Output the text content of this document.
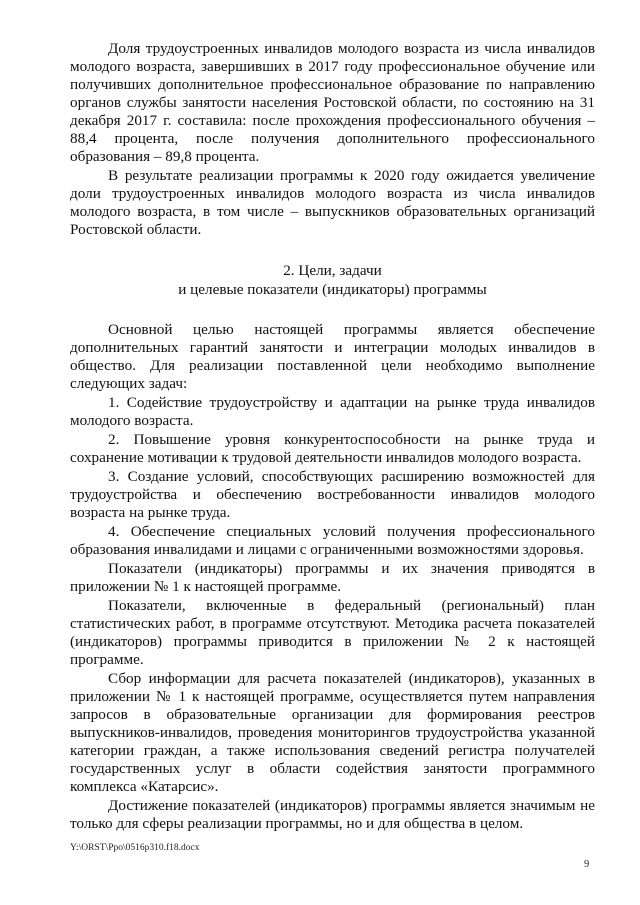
Доля трудоустроенных инвалидов молодого возраста из числа инвалидов молодого возраста, завершивших в 2017 году профессиональное обучение или получивших дополнительное профессиональное образование по направлению органов службы занятости населения Ростовской области, по состоянию на 31 декабря 2017 г. составила: после прохождения профессионального обучения – 88,4 процента, после получения дополнительного профессионального образования – 89,8 процента.

В результате реализации программы к 2020 году ожидается увеличение доли трудоустроенных инвалидов молодого возраста из числа инвалидов молодого возраста, в том числе – выпускников образовательных организаций Ростовской области.

2. Цели, задачи
и целевые показатели (индикаторы) программы

Основной целью настоящей программы является обеспечение дополнительных гарантий занятости и интеграции молодых инвалидов в общество. Для реализации поставленной цели необходимо выполнение следующих задач:

1. Содействие трудоустройству и адаптации на рынке труда инвалидов молодого возраста.

2. Повышение уровня конкурентоспособности на рынке труда и сохранение мотивации к трудовой деятельности инвалидов молодого возраста.

3. Создание условий, способствующих расширению возможностей для трудоустройства и обеспечению востребованности инвалидов молодого возраста на рынке труда.

4. Обеспечение специальных условий получения профессионального образования инвалидами и лицами с ограниченными возможностями здоровья.

Показатели (индикаторы) программы и их значения приводятся в приложении № 1 к настоящей программе.

Показатели, включенные в федеральный (региональный) план статистических работ, в программе отсутствуют. Методика расчета показателей (индикаторов) программы приводится в приложении № 2 к настоящей программе.

Сбор информации для расчета показателей (индикаторов), указанных в приложении № 1 к настоящей программе, осуществляется путем направления запросов в образовательные организации для формирования реестров выпускников-инвалидов, проведения мониторингов трудоустройства указанной категории граждан, а также использования сведений регистра получателей государственных услуг в области содействия занятости программного комплекса «Катарсис».

Достижение показателей (индикаторов) программы является значимым не только для сферы реализации программы, но и для общества в целом.

Y:\ORST\Ppo\0516p310.f18.docx
9
